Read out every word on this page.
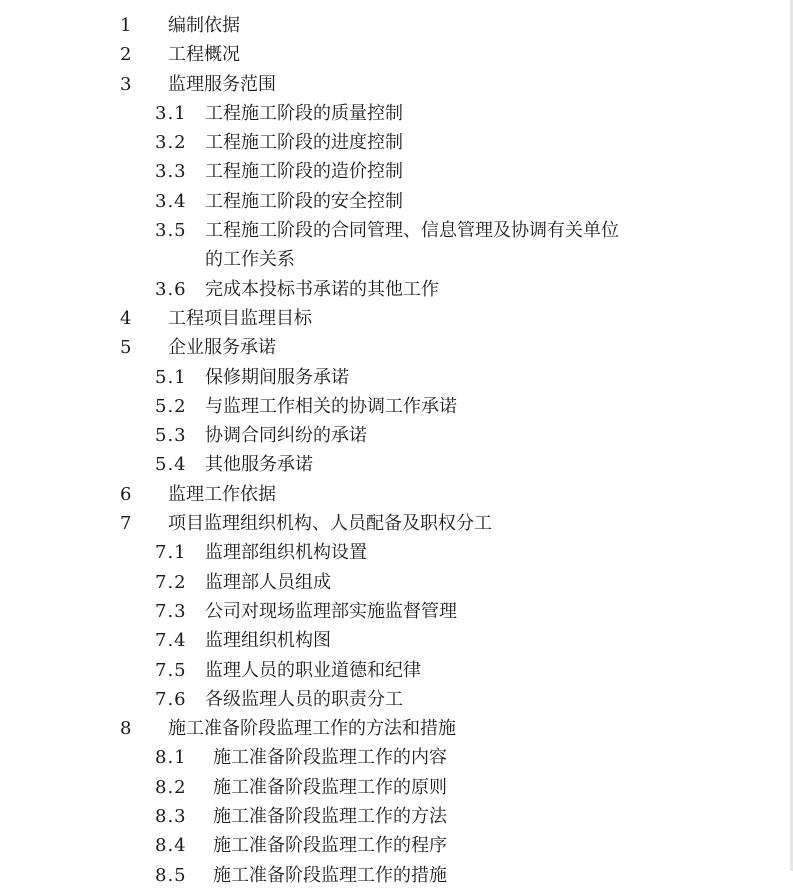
1 编制依据
2 工程概况
3 监理服务范围
3.1 工程施工阶段的质量控制
3.2 工程施工阶段的进度控制
3.3 工程施工阶段的造价控制
3.4 工程施工阶段的安全控制
3.5 工程施工阶段的合同管理、信息管理及协调有关单位
的工作关系
3.6 完成本投标书承诺的其他工作
4 工程项目监理目标
5 企业服务承诺
5.1 保修期间服务承诺
5.2 与监理工作相关的协调工作承诺
5.3 协调合同纠纷的承诺
5.4 其他服务承诺
6 监理工作依据
7 项目监理组织机构、人员配备及职权分工
7.1 监理部组织机构设置
7.2 监理部人员组成
7.3 公司对现场监理部实施监督管理
7.4 监理组织机构图
7.5 监理人员的职业道德和纪律
7.6 各级监理人员的职责分工
8 施工准备阶段监理工作的方法和措施
8.1 施工准备阶段监理工作的内容
8.2 施工准备阶段监理工作的原则
8.3 施工准备阶段监理工作的方法
8.4 施工准备阶段监理工作的程序
8.5 施工准备阶段监理工作的措施
